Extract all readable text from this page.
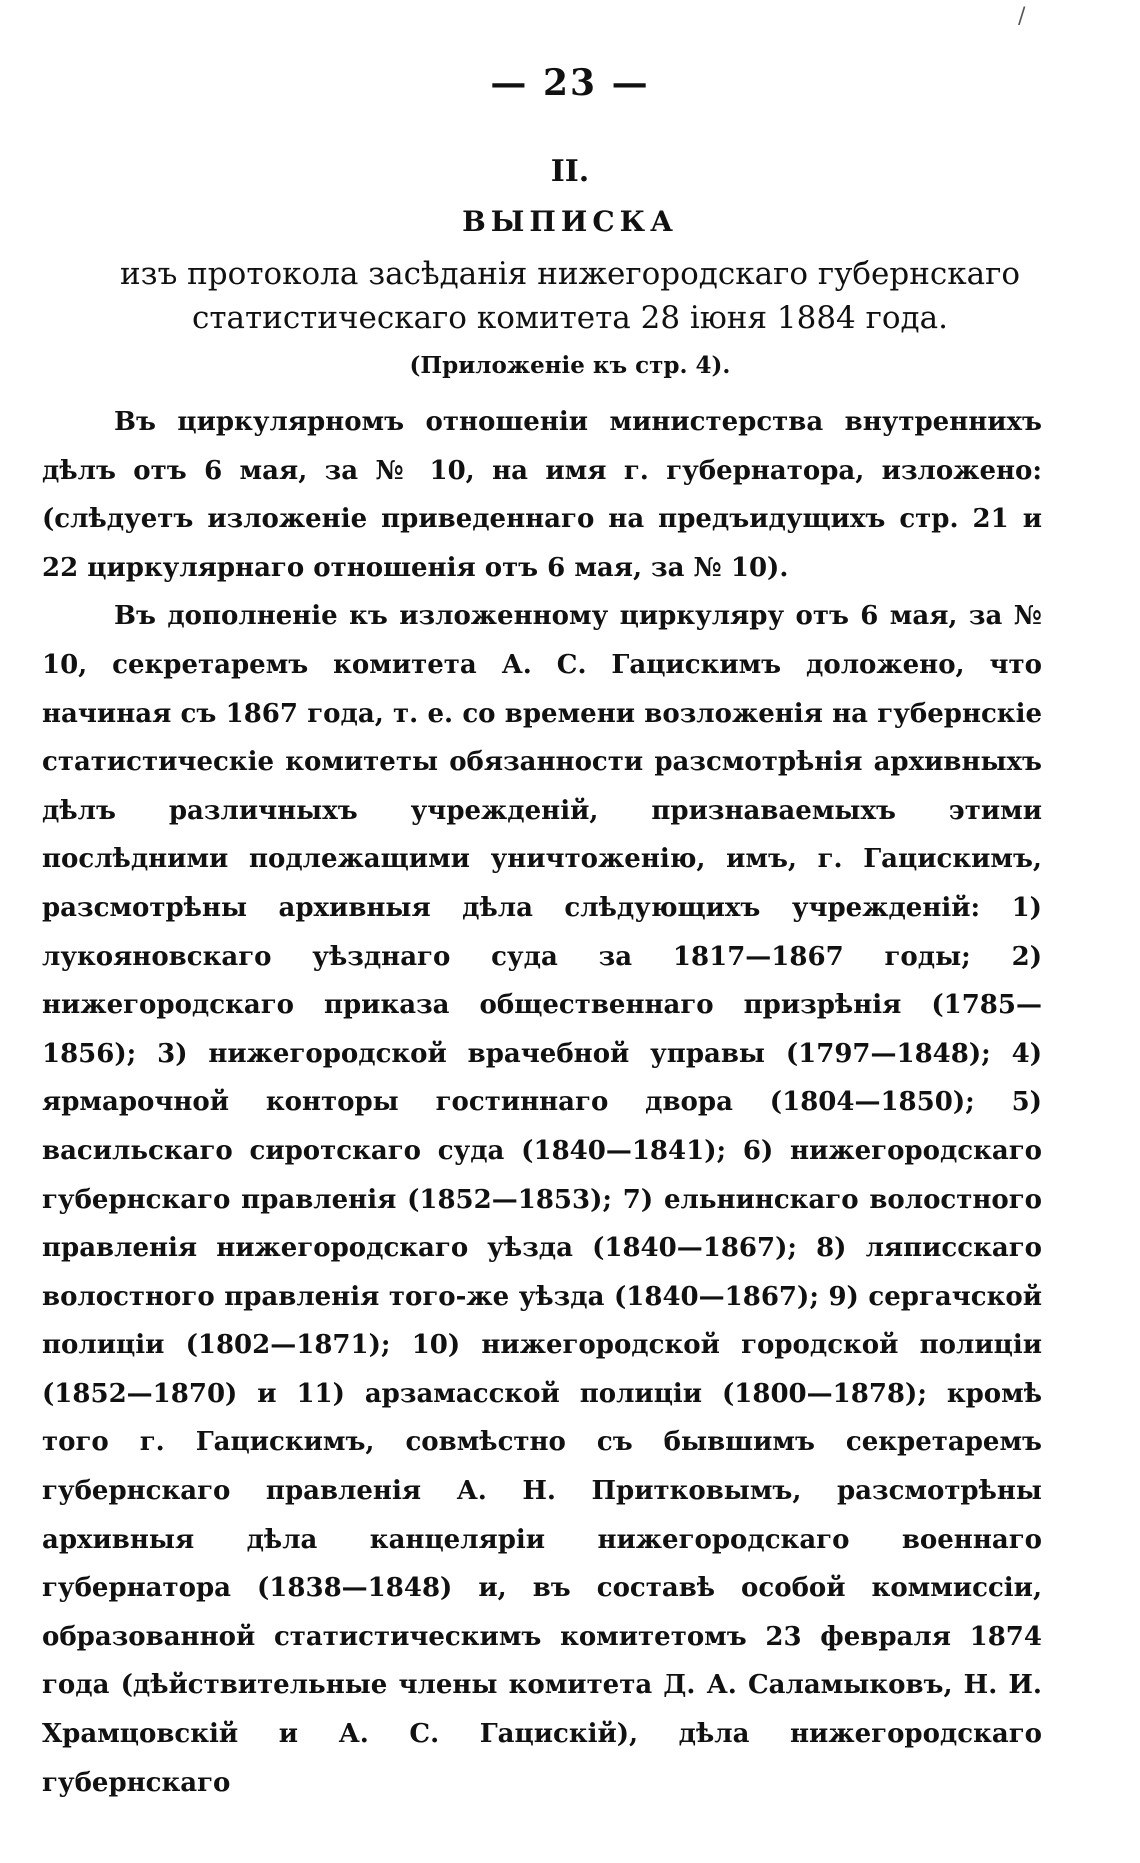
/
— 23 —
II.
ВЫПИСКА
изъ протокола засѣданія нижегородскаго губернскаго
статистическаго комитета 28 іюня 1884 года.
(Приложеніе къ стр. 4).

Въ циркулярномъ отношеніи министерства внутреннихъ дѣлъ отъ 6 мая, за № 10, на имя г. губернатора, изложено: (слѣдуетъ изложеніе приведеннаго на предъидущихъ стр. 21 и 22 циркулярнаго отношенія отъ 6 мая, за № 10).

Въ дополненіе къ изложенному циркуляру отъ 6 мая, за № 10, секретаремъ комитета А. С. Гацискимъ доложено, что начиная съ 1867 года, т. е. со времени возложенія на губернскіе статистическіе комитеты обязанности разсмотрѣнія архивныхъ дѣлъ различныхъ учрежденій, признаваемыхъ этими послѣдними подлежащими уничтоженію, имъ, г. Гацискимъ, разсмотрѣны архивныя дѣла слѣдующихъ учрежденій: 1) лукояновскаго уѣзднаго суда за 1817—1867 годы; 2) нижегородскаго приказа общественнаго призрѣнія (1785—1856); 3) нижегородской врачебной управы (1797—1848); 4) ярмарочной конторы гостиннаго двора (1804—1850); 5) васильскаго сиротскаго суда (1840—1841); 6) нижегородскаго губернскаго правленія (1852—1853); 7) ельнинскаго волостного правленія нижегородскаго уѣзда (1840—1867); 8) ляписскаго волостного правленія того-же уѣзда (1840—1867); 9) сергачской полиціи (1802—1871); 10) нижегородской городской полиціи (1852—1870) и 11) арзамасской полиціи (1800—1878); кромѣ того г. Гацискимъ, совмѣстно съ бывшимъ секретаремъ губернскаго правленія А. Н. Притковымъ, разсмотрѣны архивныя дѣла канцеляріи нижегородскаго военнаго губернатора (1838—1848) и, въ составѣ особой коммиссіи, образованной статистическимъ комитетомъ 23 февраля 1874 года (дѣйствительные члены комитета Д. А. Саламыковъ, Н. И. Храмцовскій и А. С. Гацискій), дѣла нижегородскаго губернскаго
